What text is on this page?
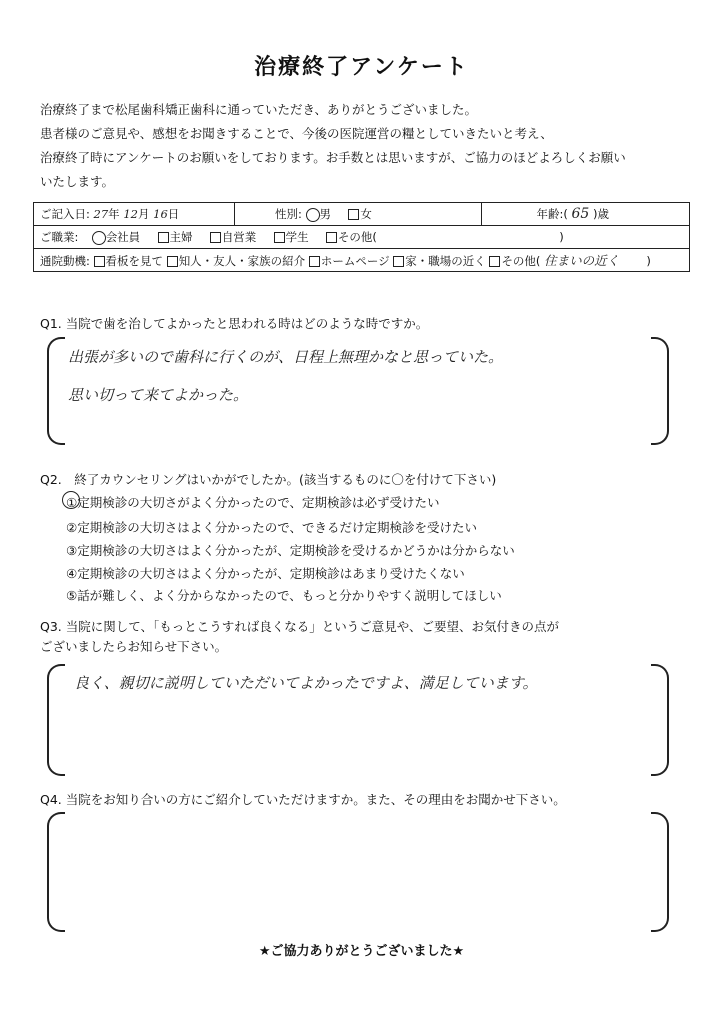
治療終了アンケート
治療終了まで松尾歯科矯正歯科に通っていただき、ありがとうございました。
患者様のご意見や、感想をお聞きすることで、今後の医院運営の糧としていきたいと考え、
治療終了時にアンケートのお願いをしております。お手数とは思いますが、ご協力のほどよろしくお願い
いたします。
ご記入日: 27年 12月 16日	性別: 男	女	年齢:( 65 )歳
ご職業: 会社員	主婦	自営業	学生	その他(	)
通院動機: 看板を見て 知人・友人・家族の紹介 ホームページ 家・職場の近く その他( 住まいの近く )
Q1. 当院で歯を治してよかったと思われる時はどのような時ですか。
出張が多いので歯科に行くのが、日程上無理かなと思っていた。
思い切って来てよかった。
Q2.　終了カウンセリングはいかがでしたか。(該当するものに〇を付けて下さい)
①定期検診の大切さがよく分かったので、定期検診は必ず受けたい
②定期検診の大切さはよく分かったので、できるだけ定期検診を受けたい
③定期検診の大切さはよく分かったが、定期検診を受けるかどうかは分からない
④定期検診の大切さはよく分かったが、定期検診はあまり受けたくない
⑤話が難しく、よく分からなかったので、もっと分かりやすく説明してほしい
Q3. 当院に関して、「もっとこうすれば良くなる」というご意見や、ご要望、お気付きの点が
ございましたらお知らせ下さい。
良く、親切に説明していただいてよかったですよ、満足しています。
Q4. 当院をお知り合いの方にご紹介していただけますか。また、その理由をお聞かせ下さい。
★ご協力ありがとうございました★
